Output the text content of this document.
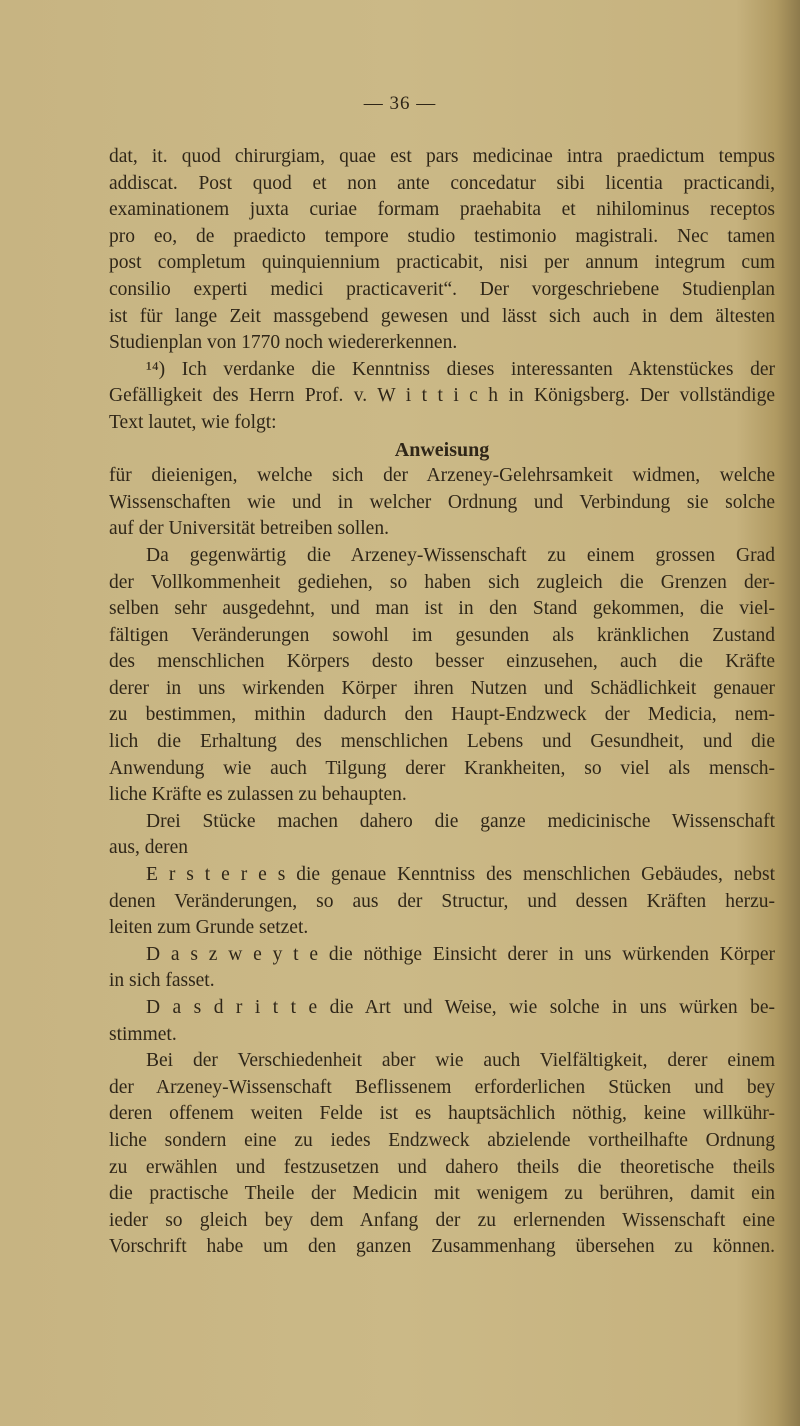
— 36 —
dat, it. quod chirurgiam, quae est pars medicinae intra praedictum tempus
addiscat. Post quod et non ante concedatur sibi licentia practicandi,
examinationem juxta curiae formam praehabita et nihilominus receptos
pro eo, de praedicto tempore studio testimonio magistrali. Nec tamen
post completum quinquiennium practicabit, nisi per annum integrum cum
consilio experti medici practicaverit“. Der vorgeschriebene Studienplan
ist für lange Zeit massgebend gewesen und lässt sich auch in dem ältesten
Studienplan von 1770 noch wiedererkennen.
¹⁴) Ich verdanke die Kenntniss dieses interessanten Aktenstückes der
Gefälligkeit des Herrn Prof. v. W i t t i c h in Königsberg. Der vollständige
Text lautet, wie folgt:
Anweisung
für dieienigen, welche sich der Arzeney-Gelehrsamkeit widmen, welche
Wissenschaften wie und in welcher Ordnung und Verbindung sie solche
auf der Universität betreiben sollen.
Da gegenwärtig die Arzeney-Wissenschaft zu einem grossen Grad
der Vollkommenheit gediehen, so haben sich zugleich die Grenzen der-
selben sehr ausgedehnt, und man ist in den Stand gekommen, die viel-
fältigen Veränderungen sowohl im gesunden als kränklichen Zustand
des menschlichen Körpers desto besser einzusehen, auch die Kräfte
derer in uns wirkenden Körper ihren Nutzen und Schädlichkeit genauer
zu bestimmen, mithin dadurch den Haupt-Endzweck der Medicia, nem-
lich die Erhaltung des menschlichen Lebens und Gesundheit, und die
Anwendung wie auch Tilgung derer Krankheiten, so viel als mensch-
liche Kräfte es zulassen zu behaupten.
Drei Stücke machen dahero die ganze medicinische Wissenschaft
aus, deren
E r s t e r e s die genaue Kenntniss des menschlichen Gebäudes, nebst
denen Veränderungen, so aus der Structur, und dessen Kräften herzu-
leiten zum Grunde setzet.
D a s z w e y t e die nöthige Einsicht derer in uns würkenden Körper
in sich fasset.
D a s d r i t t e die Art und Weise, wie solche in uns würken be-
stimmet.
Bei der Verschiedenheit aber wie auch Vielfältigkeit, derer einem
der Arzeney-Wissenschaft Beflissenem erforderlichen Stücken und bey
deren offenem weiten Felde ist es hauptsächlich nöthig, keine willkühr-
liche sondern eine zu iedes Endzweck abzielende vortheilhafte Ordnung
zu erwählen und festzusetzen und dahero theils die theoretische theils
die practische Theile der Medicin mit wenigem zu berühren, damit ein
ieder so gleich bey dem Anfang der zu erlernenden Wissenschaft eine
Vorschrift habe um den ganzen Zusammenhang übersehen zu können.
